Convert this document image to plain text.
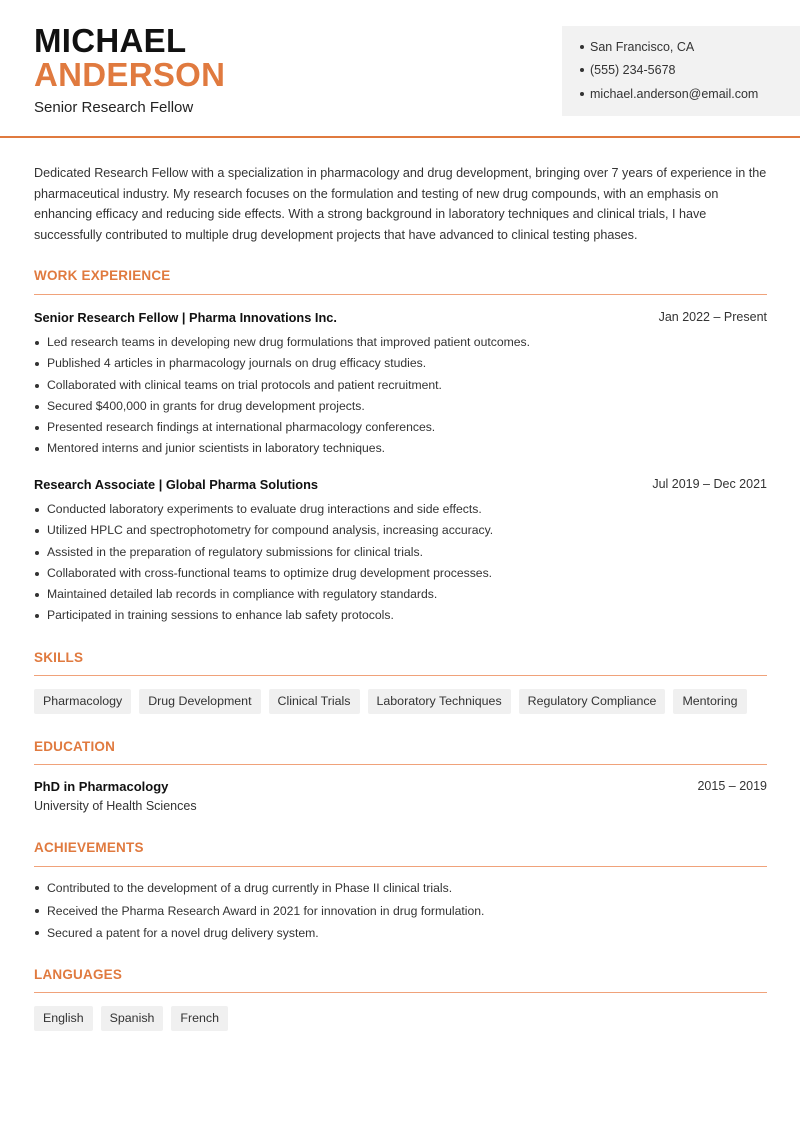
MICHAEL
ANDERSON
Senior Research Fellow
San Francisco, CA
(555) 234-5678
michael.anderson@email.com

Dedicated Research Fellow with a specialization in pharmacology and drug development, bringing over 7 years of experience in the pharmaceutical industry. My research focuses on the formulation and testing of new drug compounds, with an emphasis on enhancing efficacy and reducing side effects. With a strong background in laboratory techniques and clinical trials, I have successfully contributed to multiple drug development projects that have advanced to clinical testing phases.

WORK EXPERIENCE
Senior Research Fellow | Pharma Innovations Inc.	Jan 2022 – Present
Led research teams in developing new drug formulations that improved patient outcomes.
Published 4 articles in pharmacology journals on drug efficacy studies.
Collaborated with clinical teams on trial protocols and patient recruitment.
Secured $400,000 in grants for drug development projects.
Presented research findings at international pharmacology conferences.
Mentored interns and junior scientists in laboratory techniques.
Research Associate | Global Pharma Solutions	Jul 2019 – Dec 2021
Conducted laboratory experiments to evaluate drug interactions and side effects.
Utilized HPLC and spectrophotometry for compound analysis, increasing accuracy.
Assisted in the preparation of regulatory submissions for clinical trials.
Collaborated with cross-functional teams to optimize drug development processes.
Maintained detailed lab records in compliance with regulatory standards.
Participated in training sessions to enhance lab safety protocols.
SKILLS
Pharmacology	Drug Development	Clinical Trials	Laboratory Techniques	Regulatory Compliance	Mentoring
EDUCATION
PhD in Pharmacology
University of Health Sciences
2015 – 2019
ACHIEVEMENTS
Contributed to the development of a drug currently in Phase II clinical trials.
Received the Pharma Research Award in 2021 for innovation in drug formulation.
Secured a patent for a novel drug delivery system.
LANGUAGES
English	Spanish	French
